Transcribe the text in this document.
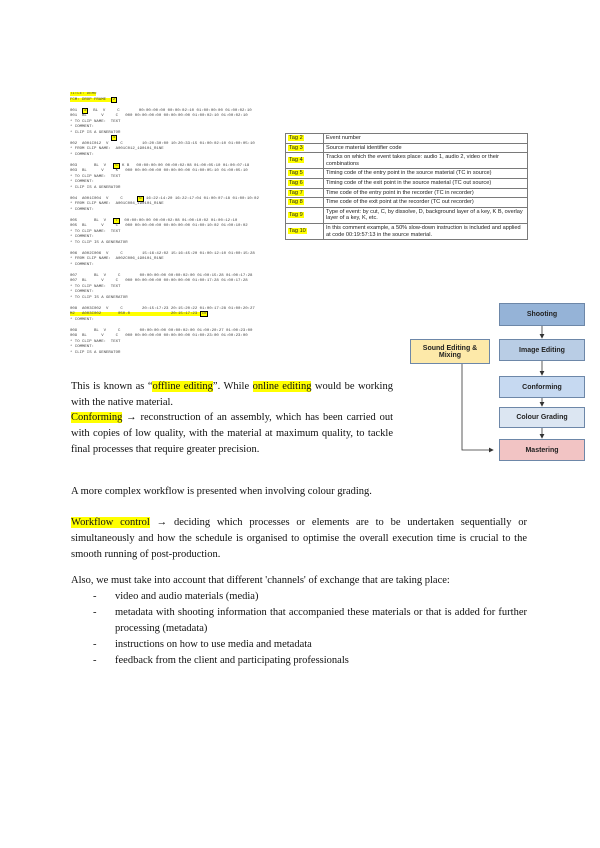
TITLE: DEMO
FCM: DROP FRAME  2
001  3  BL  V     C        00:00:00:00 00:00:02:10 01:00:00:00 01:00:02:10
001  BL      V     C   000 00:00:00:00 00:00:00:00 01:00:02:10 01:00:02:10
* TO CLIP NAME:  TEXT
* COMMENT:
* CLIP IS A GENERATOR
4
002  A001C012  V     C        10:20:30:00 10:20:33:15 01:00:02:10 01:00:05:10
* FROM CLIP NAME:  A001C012_190101_R1NE
* COMMENT:
003       BL  V   5 K B   00:00:00:00 00:00:02:08 01:00:05:10 01:00:07:18
003  BL      V     K   000 00:00:00:00 00:00:00:00 01:00:05:10 01:00:05:10
* TO CLIP NAME:  TEXT
* COMMENT:
* CLIP IS A GENERATOR
004  A001C004  V     C      6 16:22:14:20 16:22:17:04 01:00:07:18 01:00:10:02
* FROM CLIP NAME:  A001C004_190101_R1NE
* COMMENT:
005       BL  V   7  00:00:00:00 00:00:02:08 01:00:10:02 01:00:12:10
005  BL      V     C   000 00:00:00:00 00:00:00:00 01:00:10:02 01:00:10:02
* TO CLIP NAME:  TEXT
* COMMENT:
* TO CLIP IS A GENERATOR
006  A002C006  V     C        15:16:42:02 15:16:45:20 01:00:12:10 01:00:15:28
* FROM CLIP NAME:  A002C006_190101_R1NE
* COMMENT:
007       BL  V     C        00:00:00:00 00:00:02:00 01:00:15:28 01:00:17:28
007  BL      V     C   000 00:00:00:00 00:00:00:00 01:00:17:28 01:00:17:28
* TO CLIP NAME:  TEXT
* COMMENT:
* TO CLIP IS A GENERATOR
008  A003C002  V     C        20:15:17:23 20:15:20:22 01:00:17:28 01:00:20:27
M2   A003C002       050.0                 20:15:17:23 10
* COMMENT:
009       BL  V     C        00:00:00:00 00:00:02:00 01:00:20:27 01:00:23:00
009  BL      V     C   000 00:00:00:00 00:00:00:00 01:00:23:00 01:00:23:00
* TO CLIP NAME:  TEXT
* COMMENT:
* CLIP IS A GENERATOR
Tag 2	Event number
Tag 3	Source material identifier code
Tag 4	Tracks on which the event takes place: audio 1, audio 2, video or their combinations
Tag 5	Timing code of the entry point in the source material (TC in source)
Tag 6	Timing code of the exit point in the source material (TC out source)
Tag 7	Time code of the entry point in the recorder (TC in recorder)
Tag 8	Time code of the exit point at the recorder (TC out recorder)
Tag 9	Type of event: by cut, C, by dissolve, D, background layer of a key, K B, overlay layer of a key, K, etc.
Tag 10	In this comment example, a 50% slow-down instruction is included and applied at code 00:19:57:13 in the source material.
Shooting
Sound Editing & Mixing
Image Editing
Conforming
Colour Grading
Mastering
This is known as “offline editing”. While online editing would be working with the native material.
Conforming → reconstruction of an assembly, which has been carried out with copies of low quality, with the material at maximum quality, to tackle final processes that require greater precision.
A more complex workflow is presented when involving colour grading.
Workflow control → deciding which processes or elements are to be undertaken sequentially or simultaneously and how the schedule is organised to optimise the overall execution time is crucial to the smooth running of post-production.
Also, we must take into account that different 'channels' of exchange that are taking place:
- video and audio materials (media)
- metadata with shooting information that accompanied these materials or that is added for further processing (metadata)
- instructions on how to use media and metadata
- feedback from the client and participating professionals
